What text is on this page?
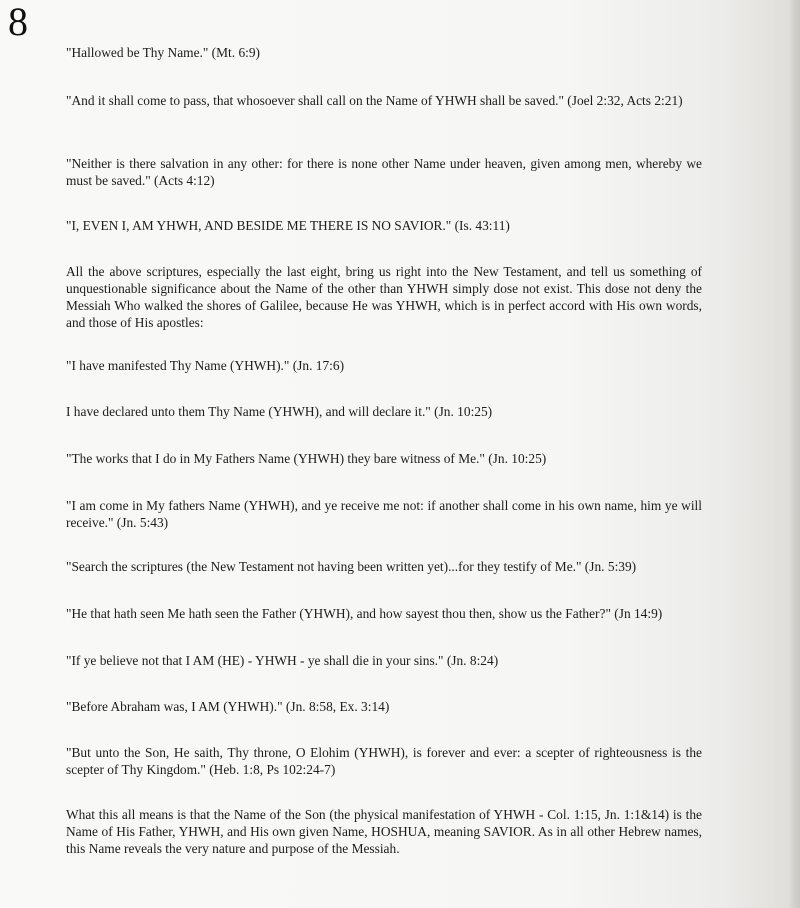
8

"Hallowed be Thy Name." (Mt. 6:9)

"And it shall come to pass, that whosoever shall call on the Name of YHWH shall be saved." (Joel 2:32, Acts 2:21)

"Neither is there salvation in any other: for there is none other Name under heaven, given among men, whereby we must be saved." (Acts 4:12)

"I, EVEN I, AM YHWH, AND BESIDE ME THERE IS NO SAVIOR." (Is. 43:11)

All the above scriptures, especially the last eight, bring us right into the New Testament, and tell us something of unquestionable significance about the Name of the other than YHWH simply dose not exist. This dose not deny the Messiah Who walked the shores of Galilee, because He was YHWH, which is in perfect accord with His own words, and those of His apostles:

"I have manifested Thy Name (YHWH)." (Jn. 17:6)

I have declared unto them Thy Name (YHWH), and will declare it." (Jn. 10:25)

"The works that I do in My Fathers Name (YHWH) they bare witness of Me." (Jn. 10:25)

"I am come in My fathers Name (YHWH), and ye receive me not: if another shall come in his own name, him ye will receive." (Jn. 5:43)

"Search the scriptures (the New Testament not having been written yet)...for they testify of Me." (Jn. 5:39)

"He that hath seen Me hath seen the Father (YHWH), and how sayest thou then, show us the Father?" (Jn 14:9)

"If ye believe not that I AM (HE) - YHWH - ye shall die in your sins." (Jn. 8:24)

"Before Abraham was, I AM (YHWH)." (Jn. 8:58, Ex. 3:14)

"But unto the Son, He saith, Thy throne, O Elohim (YHWH), is forever and ever: a scepter of righteousness is the scepter of Thy Kingdom." (Heb. 1:8, Ps 102:24-7)

What this all means is that the Name of the Son (the physical manifestation of YHWH - Col. 1:15, Jn. 1:1&14) is the Name of His Father, YHWH, and His own given Name, HOSHUA, meaning SAVIOR. As in all other Hebrew names, this Name reveals the very nature and purpose of the Messiah.
